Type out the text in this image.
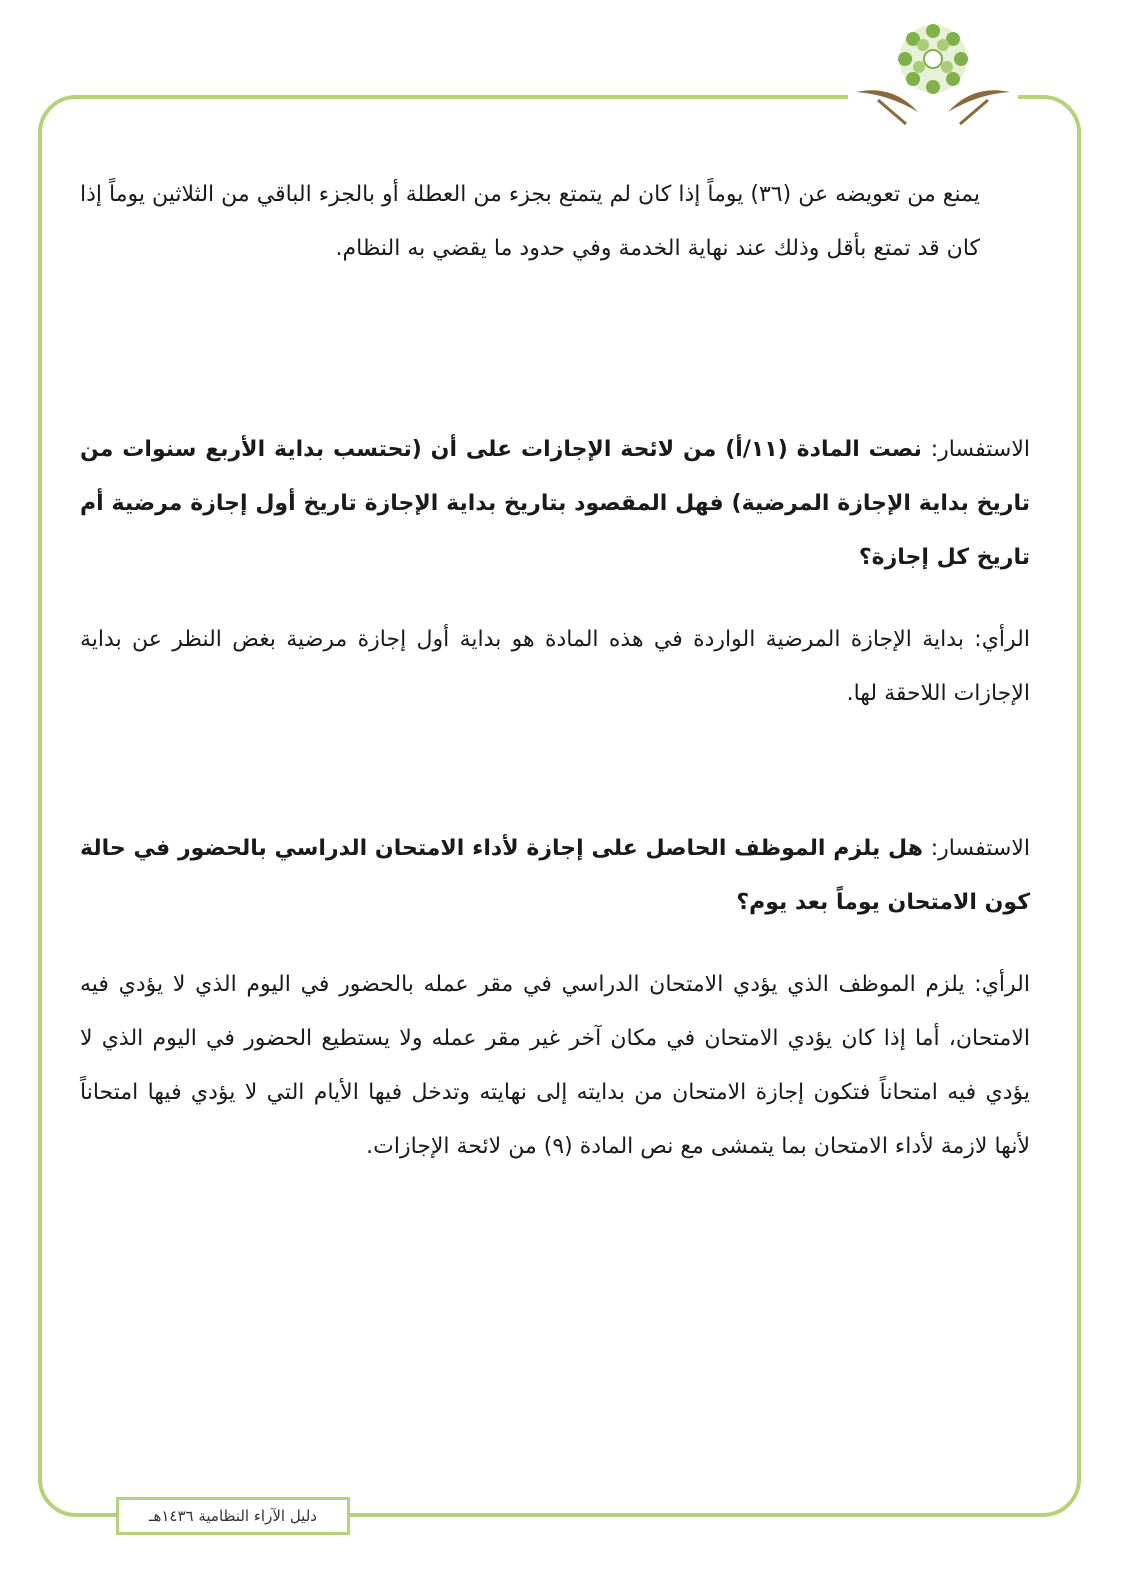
يمنع من تعويضه عن (٣٦) يوماً إذا كان لم يتمتع بجزء من العطلة أو بالجزء الباقي من الثلاثين يوماً إذا كان قد تمتع بأقل وذلك عند نهاية الخدمة وفي حدود ما يقضي به النظام.
الاستفسار: نصت المادة (١١/أ) من لائحة الإجازات على أن (تحتسب بداية الأربع سنوات من تاريخ بداية الإجازة المرضية) فهل المقصود بتاريخ بداية الإجازة تاريخ أول إجازة مرضية أم تاريخ كل إجازة؟
الرأي: بداية الإجازة المرضية الواردة في هذه المادة هو بداية أول إجازة مرضية بغض النظر عن بداية الإجازات اللاحقة لها.
الاستفسار: هل يلزم الموظف الحاصل على إجازة لأداء الامتحان الدراسي بالحضور في حالة كون الامتحان يوماً بعد يوم؟
الرأي: يلزم الموظف الذي يؤدي الامتحان الدراسي في مقر عمله بالحضور في اليوم الذي لا يؤدي فيه الامتحان، أما إذا كان يؤدي الامتحان في مكان آخر غير مقر عمله ولا يستطيع الحضور في اليوم الذي لا يؤدي فيه امتحاناً فتكون إجازة الامتحان من بدايته إلى نهايته وتدخل فيها الأيام التي لا يؤدي فيها امتحاناً لأنها لازمة لأداء الامتحان بما يتمشى مع نص المادة (٩) من لائحة الإجازات.
دليل الآراء النظامية ١٤٣٦هـ
